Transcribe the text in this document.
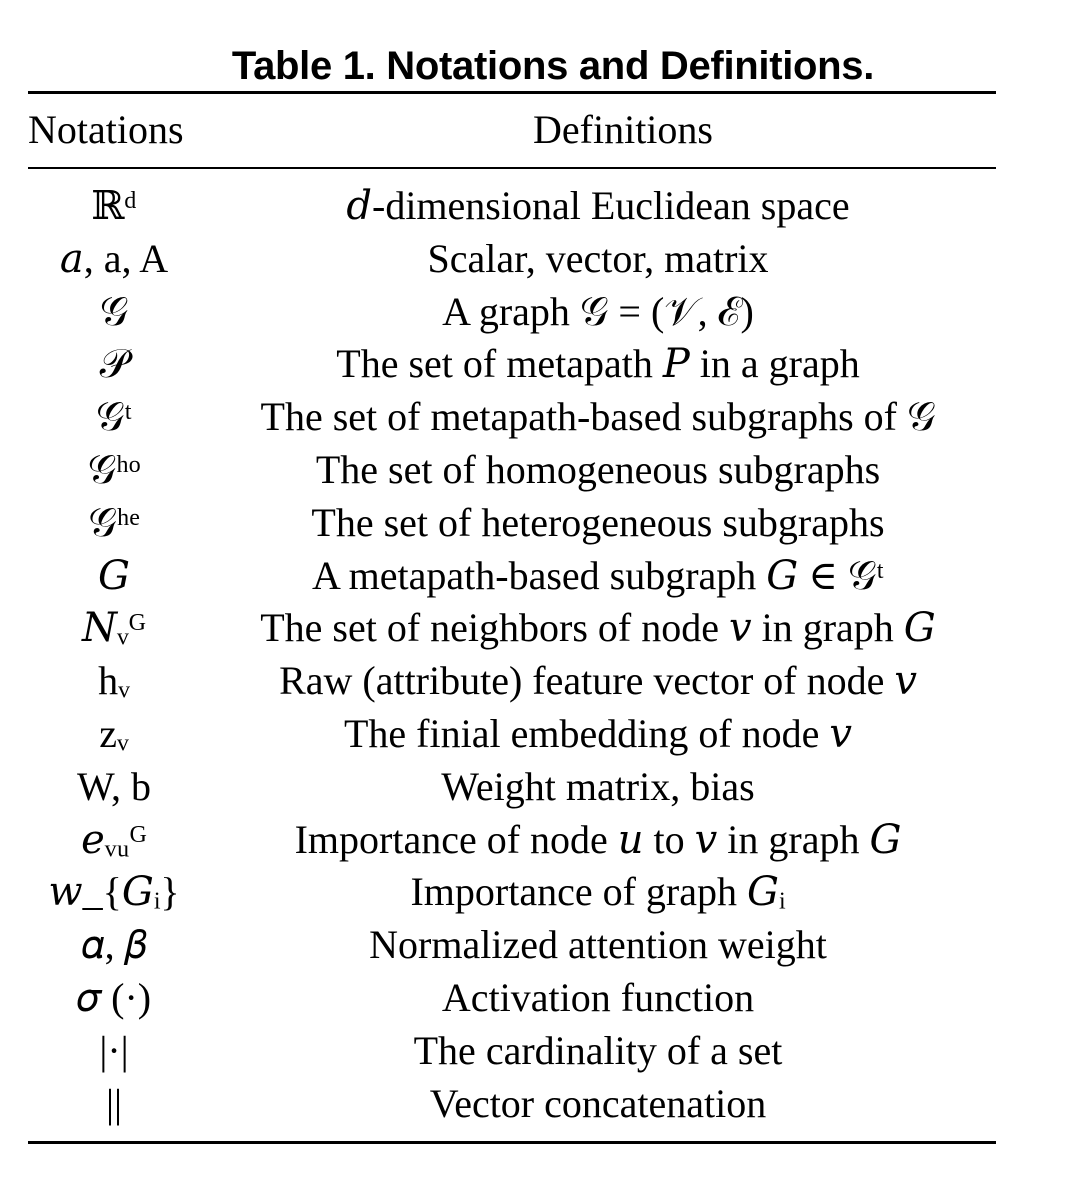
Table 1. Notations and Definitions.
Notations	Definitions
ℝᵈ	𝑑-dimensional Euclidean space
𝑎, a, A	Scalar, vector, matrix
𝒢	A graph 𝒢 = (𝒱, ℰ)
𝒫	The set of metapath 𝑃 in a graph
𝒢ᵗ	The set of metapath-based subgraphs of 𝒢
𝒢ʰᵒ	The set of homogeneous subgraphs
𝒢ʰᵉ	The set of heterogeneous subgraphs
𝐺	A metapath-based subgraph 𝐺 ∈ 𝒢ᵗ
𝑁ᵥᴳ	The set of neighbors of node 𝑣 in graph 𝐺
hᵥ	Raw (attribute) feature vector of node 𝑣
zᵥ	The finial embedding of node 𝑣
W, b	Weight matrix, bias
𝑒ᵥᵤᴳ	Importance of node 𝑢 to 𝑣 in graph 𝐺
𝑤_{𝐺ᵢ}	Importance of graph 𝐺ᵢ
𝛼, 𝛽	Normalized attention weight
𝜎 (·)	Activation function
|·|	The cardinality of a set
||	Vector concatenation
